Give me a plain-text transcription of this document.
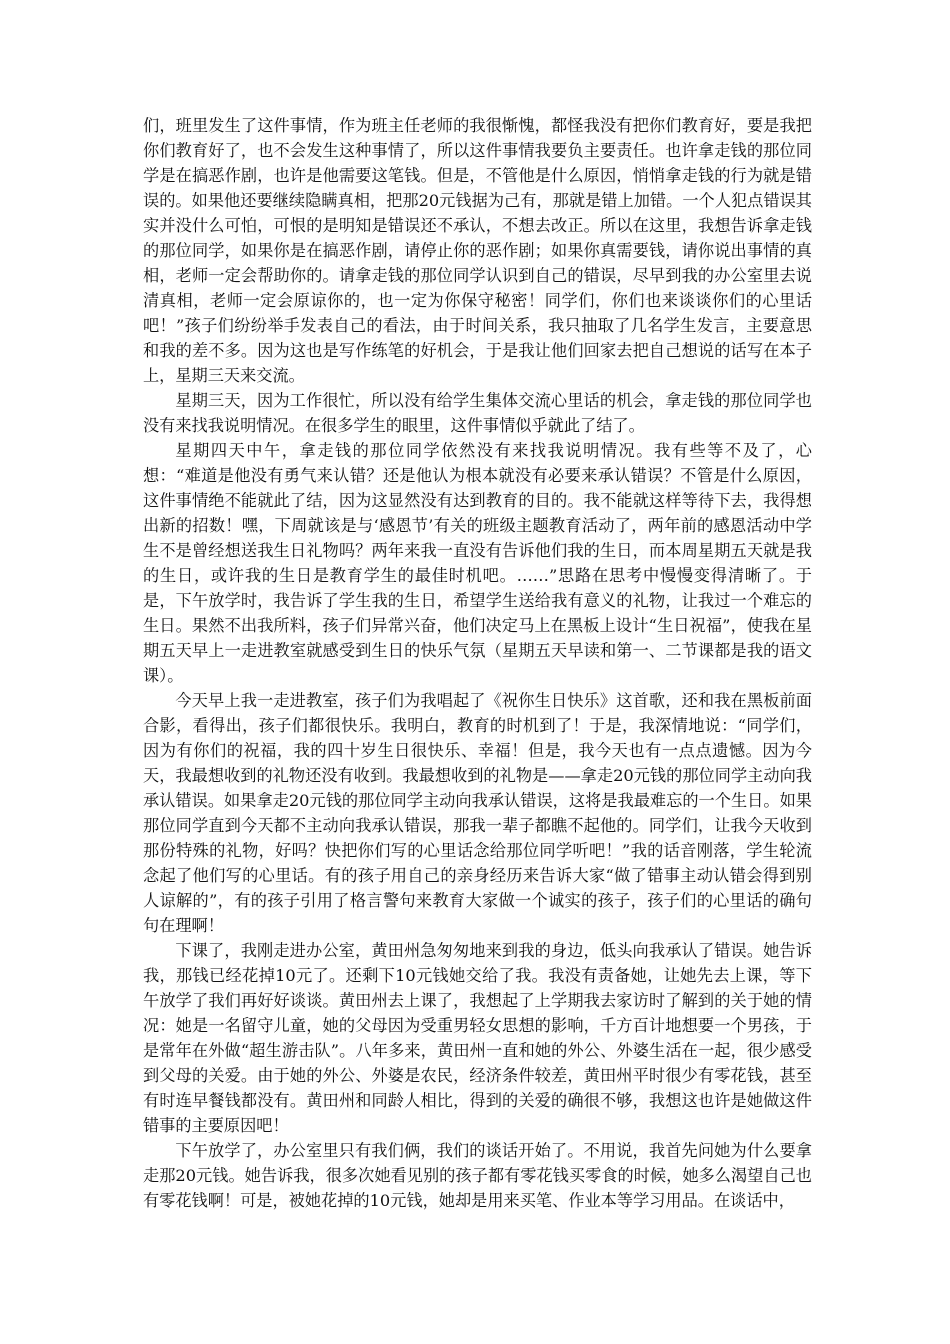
们，班里发生了这件事情，作为班主任老师的我很惭愧，都怪我没有把你们教育好，要是我把你们教育好了，也不会发生这种事情了，所以这件事情我要负主要责任。也许拿走钱的那位同学是在搞恶作剧，也许是他需要这笔钱。但是，不管他是什么原因，悄悄拿走钱的行为就是错误的。如果他还要继续隐瞒真相，把那20元钱据为己有，那就是错上加错。一个人犯点错误其实并没什么可怕，可恨的是明知是错误还不承认，不想去改正。所以在这里，我想告诉拿走钱的那位同学，如果你是在搞恶作剧，请停止你的恶作剧；如果你真需要钱，请你说出事情的真相，老师一定会帮助你的。请拿走钱的那位同学认识到自己的错误，尽早到我的办公室里去说清真相，老师一定会原谅你的，也一定为你保守秘密！同学们，你们也来谈谈你们的心里话吧！”孩子们纷纷举手发表自己的看法，由于时间关系，我只抽取了几名学生发言，主要意思和我的差不多。因为这也是写作练笔的好机会，于是我让他们回家去把自己想说的话写在本子上，星期三天来交流。

星期三天，因为工作很忙，所以没有给学生集体交流心里话的机会，拿走钱的那位同学也没有来找我说明情况。在很多学生的眼里，这件事情似乎就此了结了。

星期四天中午，拿走钱的那位同学依然没有来找我说明情况。我有些等不及了，心想：“难道是他没有勇气来认错？还是他认为根本就没有必要来承认错误？不管是什么原因，这件事情绝不能就此了结，因为这显然没有达到教育的目的。我不能就这样等待下去，我得想出新的招数！嘿，下周就该是与‘感恩节’有关的班级主题教育活动了，两年前的感恩活动中学生不是曾经想送我生日礼物吗？两年来我一直没有告诉他们我的生日，而本周星期五天就是我的生日，或许我的生日是教育学生的最佳时机吧。……”思路在思考中慢慢变得清晰了。于是，下午放学时，我告诉了学生我的生日，希望学生送给我有意义的礼物，让我过一个难忘的生日。果然不出我所料，孩子们异常兴奋，他们决定马上在黑板上设计“生日祝福”，使我在星期五天早上一走进教室就感受到生日的快乐气氛（星期五天早读和第一、二节课都是我的语文课）。

今天早上我一走进教室，孩子们为我唱起了《祝你生日快乐》这首歌，还和我在黑板前面合影，看得出，孩子们都很快乐。我明白，教育的时机到了！于是，我深情地说：“同学们，因为有你们的祝福，我的四十岁生日很快乐、幸福！但是，我今天也有一点点遗憾。因为今天，我最想收到的礼物还没有收到。我最想收到的礼物是——拿走20元钱的那位同学主动向我承认错误。如果拿走20元钱的那位同学主动向我承认错误，这将是我最难忘的一个生日。如果那位同学直到今天都不主动向我承认错误，那我一辈子都瞧不起他的。同学们，让我今天收到那份特殊的礼物，好吗？快把你们写的心里话念给那位同学听吧！”我的话音刚落，学生轮流念起了他们写的心里话。有的孩子用自己的亲身经历来告诉大家“做了错事主动认错会得到别人谅解的”，有的孩子引用了格言警句来教育大家做一个诚实的孩子，孩子们的心里话的确句句在理啊！

下课了，我刚走进办公室，黄田州急匆匆地来到我的身边，低头向我承认了错误。她告诉我，那钱已经花掉10元了。还剩下10元钱她交给了我。我没有责备她，让她先去上课，等下午放学了我们再好好谈谈。黄田州去上课了，我想起了上学期我去家访时了解到的关于她的情况：她是一名留守儿童，她的父母因为受重男轻女思想的影响，千方百计地想要一个男孩，于是常年在外做“超生游击队”。八年多来，黄田州一直和她的外公、外婆生活在一起，很少感受到父母的关爱。由于她的外公、外婆是农民，经济条件较差，黄田州平时很少有零花钱，甚至有时连早餐钱都没有。黄田州和同龄人相比，得到的关爱的确很不够，我想这也许是她做这件错事的主要原因吧！

下午放学了，办公室里只有我们俩，我们的谈话开始了。不用说，我首先问她为什么要拿走那20元钱。她告诉我，很多次她看见别的孩子都有零花钱买零食的时候，她多么渴望自己也有零花钱啊！可是，被她花掉的10元钱，她却是用来买笔、作业本等学习用品。在谈话中，
